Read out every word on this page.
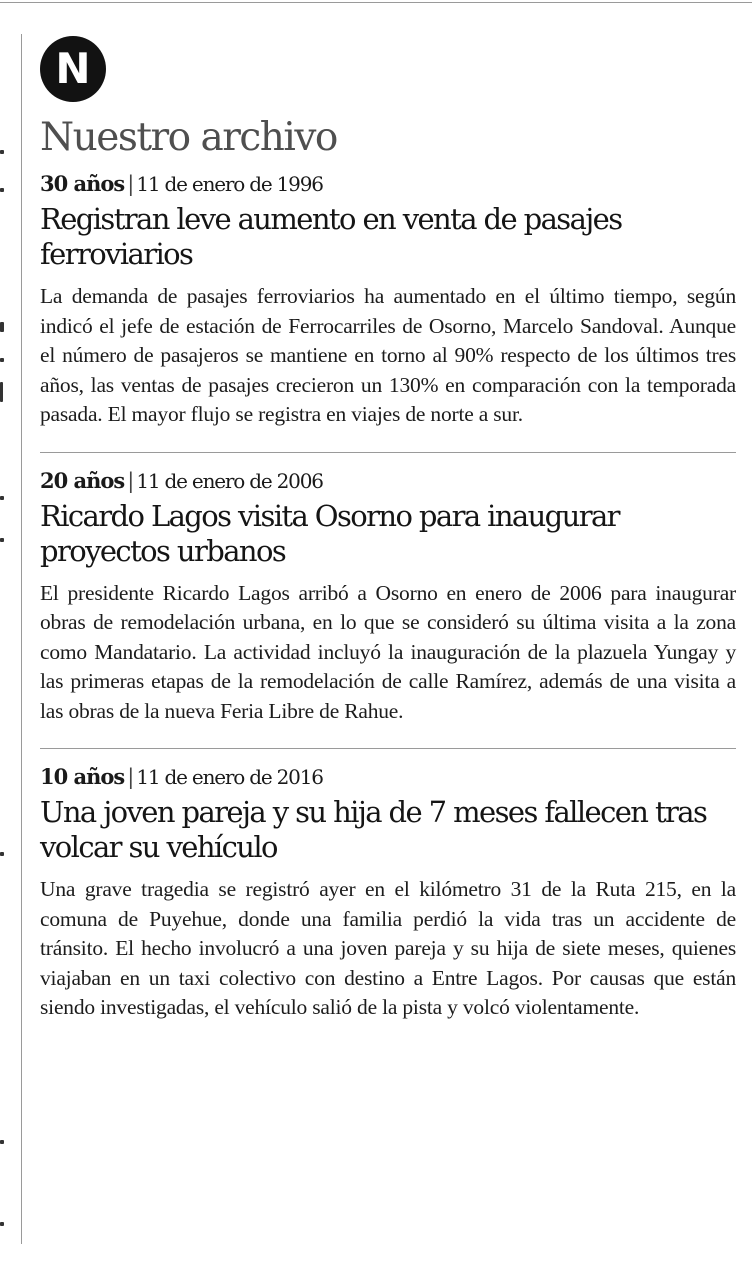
N
Nuestro archivo
30 años | 11 de enero de 1996
Registran leve aumento en venta de pasajes ferroviarios

La demanda de pasajes ferroviarios ha aumentado en el último tiempo, según indicó el jefe de estación de Ferrocarriles de Osorno, Marcelo Sandoval. Aunque el número de pasajeros se mantiene en torno al 90% respecto de los últimos tres años, las ventas de pasajes crecieron un 130% en comparación con la temporada pasada. El mayor flujo se registra en viajes de norte a sur.

20 años | 11 de enero de 2006
Ricardo Lagos visita Osorno para inaugurar proyectos urbanos

El presidente Ricardo Lagos arribó a Osorno en enero de 2006 para inaugurar obras de remodelación urbana, en lo que se consideró su última visita a la zona como Mandatario. La actividad incluyó la inauguración de la plazuela Yungay y las primeras etapas de la remodelación de calle Ramírez, además de una visita a las obras de la nueva Feria Libre de Rahue.

10 años | 11 de enero de 2016
Una joven pareja y su hija de 7 meses fallecen tras volcar su vehículo

Una grave tragedia se registró ayer en el kilómetro 31 de la Ruta 215, en la comuna de Puyehue, donde una familia perdió la vida tras un accidente de tránsito. El hecho involucró a una joven pareja y su hija de siete meses, quienes viajaban en un taxi colectivo con destino a Entre Lagos. Por causas que están siendo investigadas, el vehículo salió de la pista y volcó violentamente.
